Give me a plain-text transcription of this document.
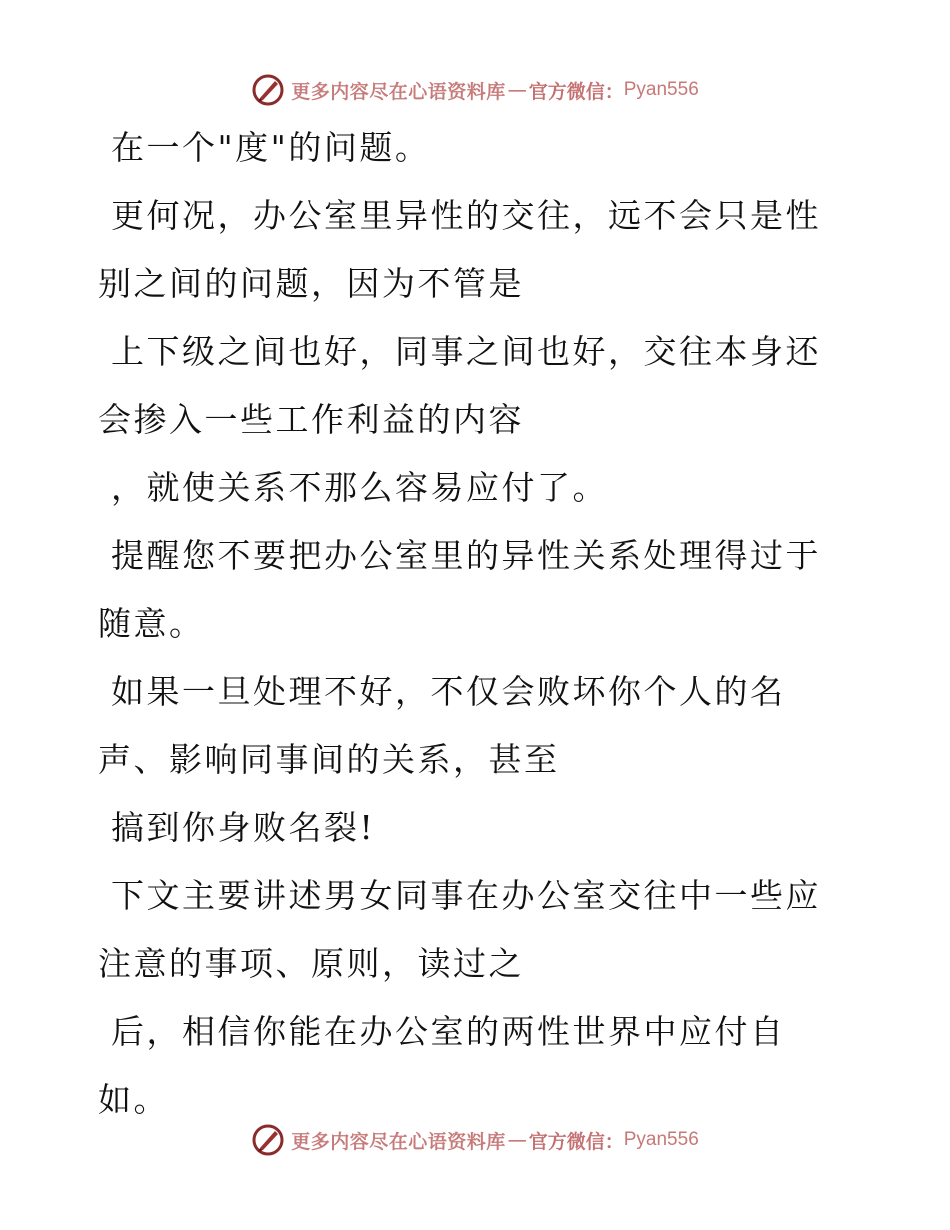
更多内容尽在心语资料库 — 官方微信： Pyan556

在一个"度"的问题。

更何况，办公室里异性的交往，远不会只是性别之间的问题，因为不管是

上下级之间也好，同事之间也好，交往本身还会掺入一些工作利益的内容

，就使关系不那么容易应付了。

提醒您不要把办公室里的异性关系处理得过于随意。

如果一旦处理不好，不仅会败坏你个人的名声、影响同事间的关系，甚至

搞到你身败名裂!

下文主要讲述男女同事在办公室交往中一些应注意的事项、原则，读过之

后，相信你能在办公室的两性世界中应付自如。

更多内容尽在心语资料库 — 官方微信： Pyan556
